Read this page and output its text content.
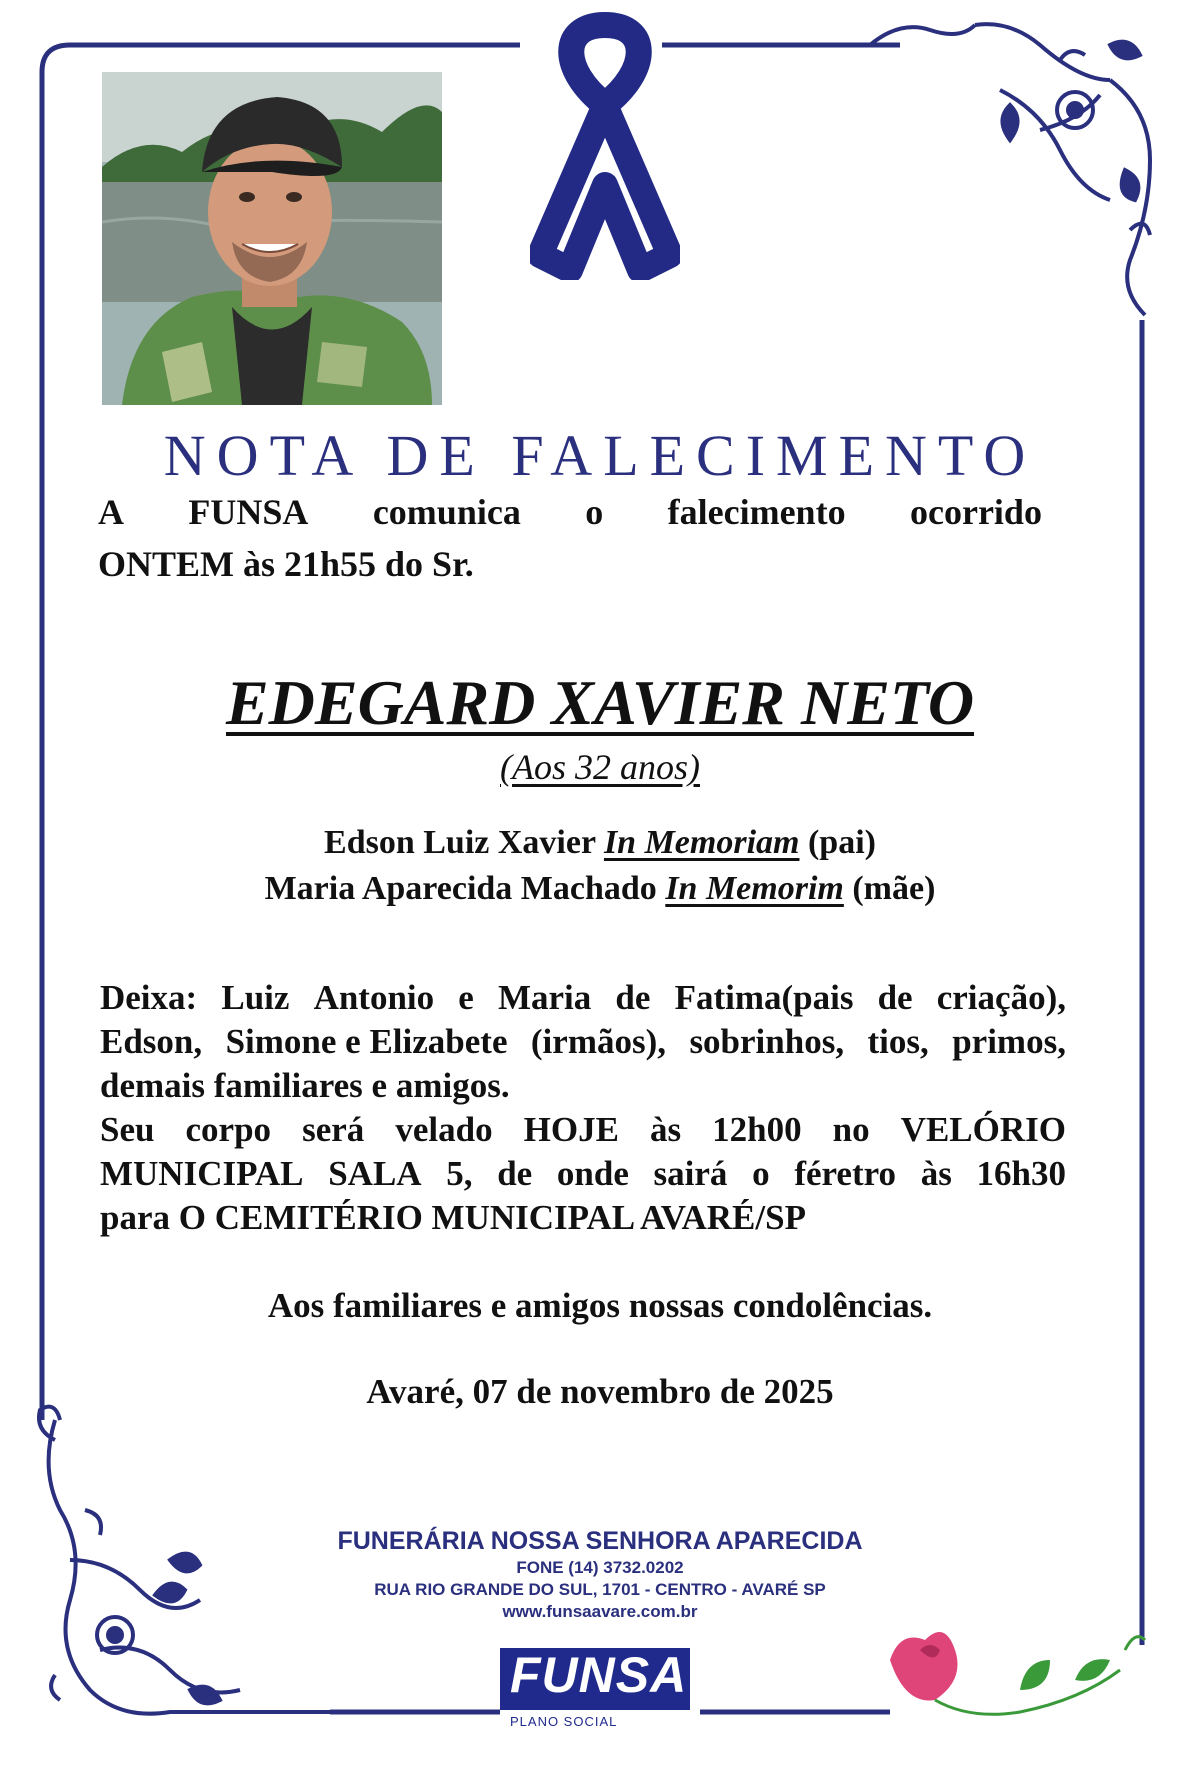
NOTA DE FALECIMENTO
A FUNSA comunica o falecimento ocorrido
ONTEM às 21h55 do Sr.
EDEGARD XAVIER NETO
(Aos 32 anos)
Edson Luiz Xavier In Memoriam (pai)
Maria Aparecida Machado In Memorim (mãe)
Deixa: Luiz Antonio e Maria de Fatima(pais de criação),
Edson, Simone e Elizabete (irmãos), sobrinhos, tios, primos,
demais familiares e amigos.
Seu corpo será velado HOJE às 12h00 no VELÓRIO
MUNICIPAL SALA 5, de onde sairá o féretro às 16h30
para O CEMITÉRIO MUNICIPAL AVARÉ/SP
Aos familiares e amigos nossas condolências.
Avaré, 07 de novembro de 2025
FUNERÁRIA NOSSA SENHORA APARECIDA
FONE (14) 3732.0202
RUA RIO GRANDE DO SUL, 1701 - CENTRO - AVARÉ SP
www.funsaavare.com.br
FUNSA
PLANO SOCIAL
